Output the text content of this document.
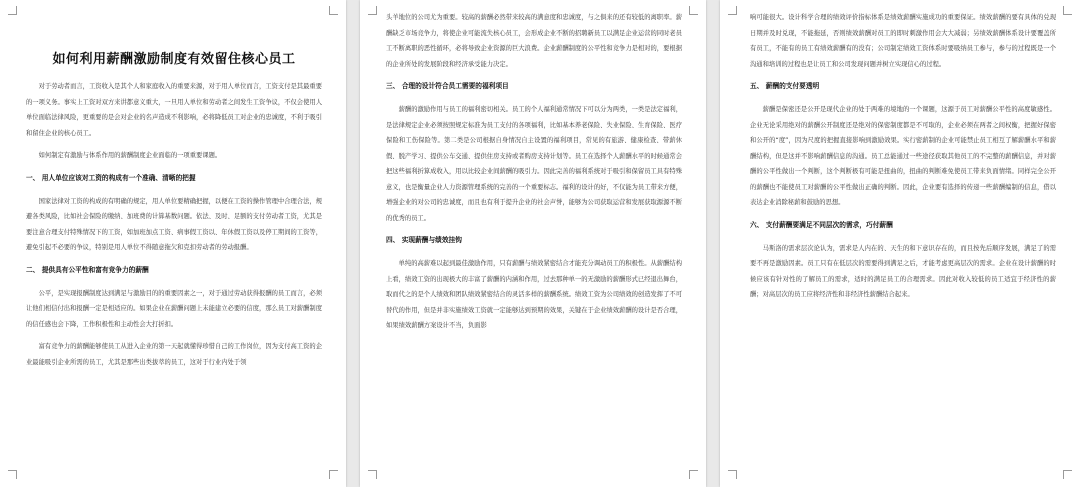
如何利用薪酬激励制度有效留住核心员工

对于劳动者而言，工资收入是其个人和家庭收入的重要来源，对于用人单位而言，工资支付是其最重要的一项义务。事实上工资对双方来讲都意义重大，一旦用人单位和劳动者之间发生工资争议，不仅会使用人单位面临法律风险，更重要的是会对企业的名声造成不利影响，必将降低员工对企业的忠诚度，不利于吸引和留住企业的核心员工。

如何制定有激励与体系作用的薪酬制度企业面临的一项重要课题。

一、 用人单位应该对工资的构成有一个准确、清晰的把握

国家法律对工资的构成的有明确的规定，用人单位要精确把握，以便在工资的操作管理中合理合法，规避各类风险，比如社会保险的缴纳、加班费的计算基数问题。依法、及时、足额的支付劳动者工资，尤其是要注意合理支付特殊情况下的工资，如加班加点工资、病事假工资以、年休假工资以及停工期间的工资等，避免引起不必要的争议，特别是用人单位不得随意拖欠和克扣劳动者的劳动报酬。

二、 提供具有公平性和富有竞争力的薪酬

公平，是实现报酬制度达到满足与激励目的的重要因素之一，对于通过劳动获得报酬的员工而言，必须让他们相信付出和报酬一定是相适应的。如果企业在薪酬问题上未能建立必要的信度，那么员工对薪酬制度的信任感也会下降，工作积极性和主动性会大打折扣。

富有竞争力的薪酬能够使员工从进入企业的第一天起就懂得珍惜自己的工作岗位，因为支付高工资的企业最能吸引企业所需的员工，尤其是那些出类拔萃的员工，这对于行业内处于领

头羊地位的公司尤为重要。较高的薪酬必然带来较高的满意度和忠诚度，与之俱来的还有较低的离职率。薪酬缺乏市场竞争力，将使企业可能流失核心员工，会形成企业不断的招聘新员工以满足企业运营的同时老员工不断离职的恶性循环，必将导致企业资源的巨大浪费。企业薪酬制度的公平性和竞争力是相对的，要根据的企业所处的发展阶段和经济承受能力决定。

三、 合理的设计符合员工需要的福利项目

薪酬的激励作用与员工的福利密切相关。员工的个人福利通常情况下可以分为两类，一类是法定福利，是法律规定企业必须按照规定标准为员工支付的各项福利，比如基本养老保险、失业保险、生育保险、医疗保险和工伤保险等。第二类是公司根据自身情况自主设置的福利项目，常见的有旅游、健康检查、带薪休假、脱产学习、提供公车交通、提供住房支持或者购房支持计划等。员工在选择个人薪酬水平的时候通常会把这些福利折算成收入，用以比较企业间薪酬的吸引力。因此完善的福利系统对于吸引和保留员工具有特殊意义，也是衡量企业人力资源管理系统的完善的一个重要标志。福利的设计的好，不仅能为员工带来方便，增强企业的对公司的忠诚度，而且也有利于提升企业的社会声誉，能够为公司获取运营和发展获取源源不断的优秀的员工。

四、 实现薪酬与绩效挂钩

单纯的高薪难以起到最佳激励作用，只有薪酬与绩效紧密结合才能充分调动员工的积极性。从薪酬结构上看，绩效工资的出现极大的丰富了薪酬的内涵和作用，过去那种单一的无激励的薪酬形式已经退出舞台，取而代之的是个人绩效和团队绩效紧密结合的灵活多样的薪酬系统。绩效工资为公司绩效的创造发挥了不可替代的作用，但是并非实施绩效工资就一定能够达到预期的效果，关键在于企业绩效薪酬的设计是否合理，如果绩效薪酬方案设计不当，负面影

响可能很大。设计科学合理的绩效评价指标体系是绩效薪酬实施成功的重要保证。绩效薪酬的要有具体的兑现日期并及时兑现，不能拖延，否则绩效薪酬对员工的即时刺激作用会大大减弱；另绩效薪酬体系设计要覆盖所有员工，不能有的员工有绩效薪酬有的没有；公司制定绩效工资体系时要吸纳员工参与，参与的过程既是一个沟通和培训的过程也是让员工和公司发现问题并树立实现信心的过程。

五、 薪酬的支付要透明

薪酬是保密还是公开是现代企业的处于两难的境地的一个课题，这源于员工对薪酬公平性的高度敏感性。企业无论采用绝对的薪酬公开制度还是绝对的保密制度都是不可取的，企业必须在两者之间权衡，把握好保密和公开的“度”，因为尺度的把握直接影响到激励效果。实行密薪制的企业可能禁止员工相互了解薪酬水平和薪酬结构，但是这并不影响薪酬信息的沟通。员工总能通过一些途径获取其他员工的不完整的薪酬信息，并对薪酬的公平性做出一个判断，这个判断极有可能是扭曲的，扭曲的判断难免使员工带来负面情绪。同样完全公开的薪酬也不能使员工对薪酬的公平性做出正确的判断。因此，企业要有选择的传递一些薪酬编制的信息，借以表达企业消除秘薪和鼓励的思想。

六、 支付薪酬要满足不同层次的需求，巧付薪酬

马斯洛的需求层次论认为，需求是人内在的、天生的和下意识存在的，而且按先后顺序发展，满足了的需要不再是激励因素。员工只有在低层次的需要得到满足之后，才能考虑更高层次的需求。企业在设计薪酬的时候应该有针对性的了解员工的需求，适时的满足员工的合理需求。因此对收入较低的员工适宜于经济性的薪酬；对高层次的员工应将经济性和非经济性薪酬结合起来。
